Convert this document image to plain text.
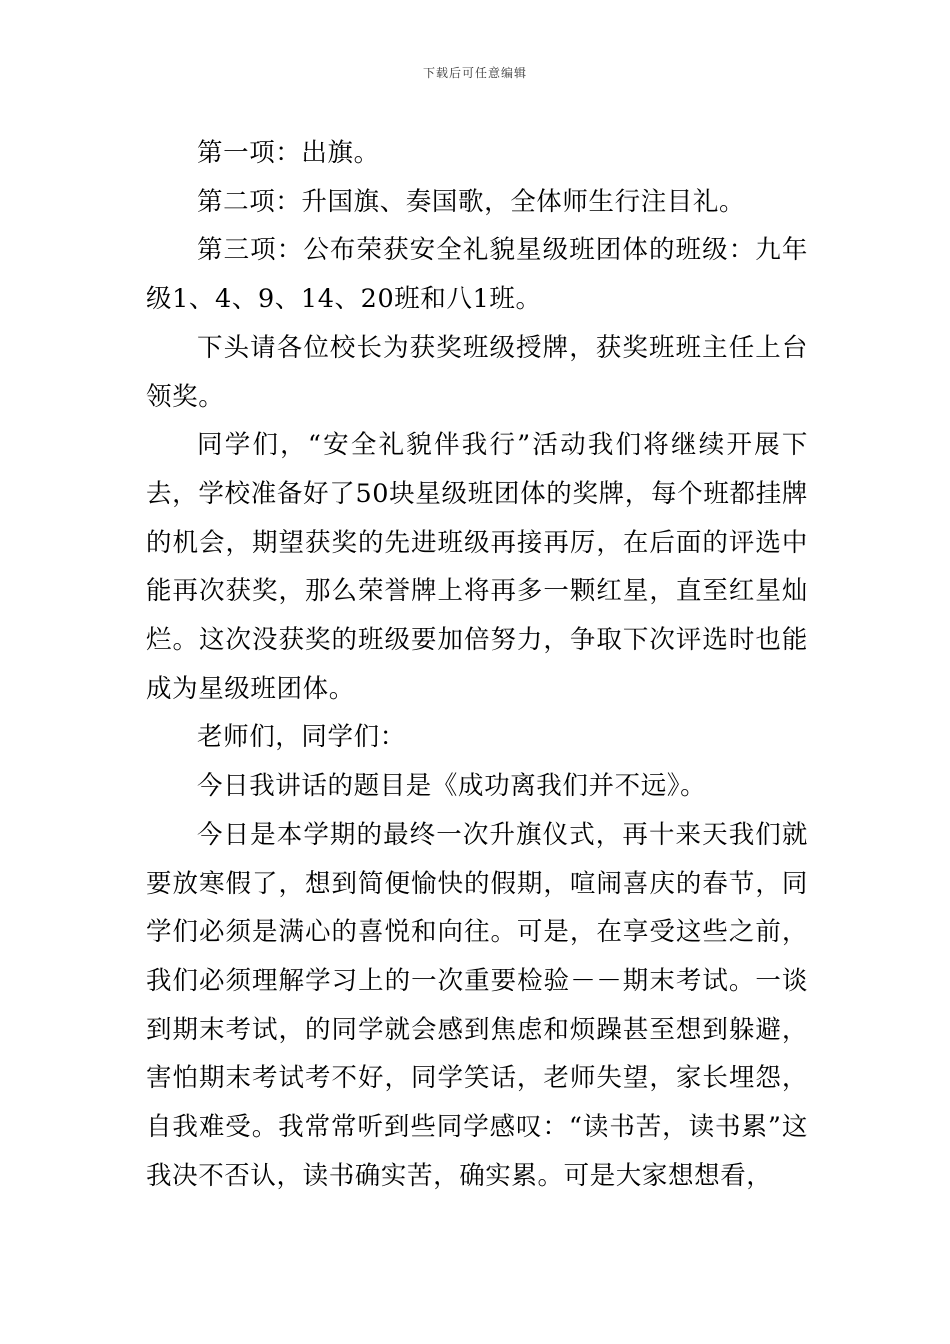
下载后可任意编辑

第一项：出旗。

第二项：升国旗、奏国歌，全体师生行注目礼。

第三项：公布荣获安全礼貌星级班团体的班级：九年级1、4、9、14、20班和八1班。

下头请各位校长为获奖班级授牌，获奖班班主任上台领奖。

同学们，“安全礼貌伴我行”活动我们将继续开展下去，学校准备好了50块星级班团体的奖牌，每个班都挂牌的机会，期望获奖的先进班级再接再厉，在后面的评选中能再次获奖，那么荣誉牌上将再多一颗红星，直至红星灿烂。这次没获奖的班级要加倍努力，争取下次评选时也能成为星级班团体。

老师们，同学们：

今日我讲话的题目是《成功离我们并不远》。

今日是本学期的最终一次升旗仪式，再十来天我们就要放寒假了，想到简便愉快的假期，喧闹喜庆的春节，同学们必须是满心的喜悦和向往。可是，在享受这些之前，我们必须理解学习上的一次重要检验－－期末考试。一谈到期末考试，的同学就会感到焦虑和烦躁甚至想到躲避，害怕期末考试考不好，同学笑话，老师失望，家长埋怨，自我难受。我常常听到些同学感叹：“读书苦，读书累”这我决不否认，读书确实苦，确实累。可是大家想想看，
